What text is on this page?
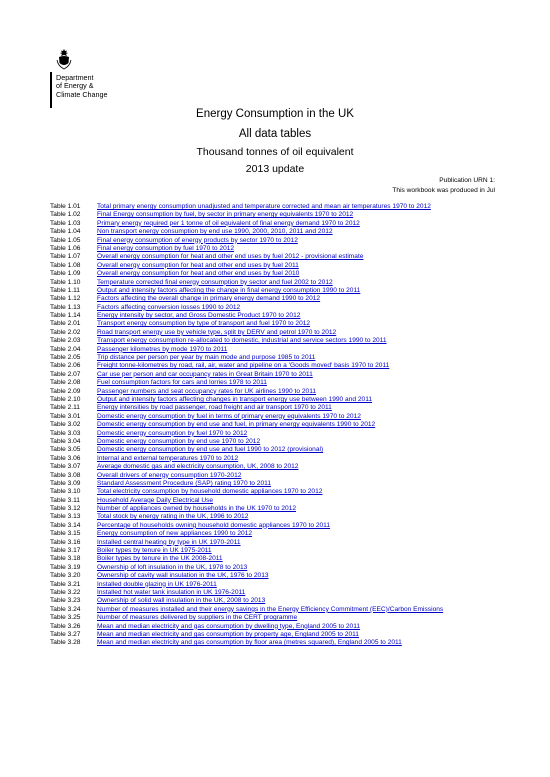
Department
of Energy &
Climate Change
Energy Consumption in the UK
All data tables
Thousand tonnes of oil equivalent
2013 update
Publication URN 1:
This workbook was produced in Jul
Table 1.01	Total primary energy consumption unadjusted and temperature corrected and mean air temperatures 1970 to 2012
Table 1.02	Final Energy consumption by fuel, by sector in primary energy equivalents 1970 to 2012
Table 1.03	Primary energy required per 1 tonne of oil equivalent of final energy demand 1970 to 2012
Table 1.04	Non transport energy consumption by end use 1990, 2000, 2010, 2011 and 2012
Table 1.05	Final energy consumption of energy products by sector 1970 to 2012
Table 1.06	Final energy consumption by fuel 1970 to 2012
Table 1.07	Overall energy consumption for heat and other end uses by fuel 2012 - provisional estimate
Table 1.08	Overall energy consumption for heat and other end uses by fuel 2011
Table 1.09	Overall energy consumption for heat and other end uses by fuel 2010
Table 1.10	Temperature corrected final energy consumption by sector and fuel 2002 to 2012
Table 1.11	Output and intensity factors affecting the change in final energy consumption 1990 to 2011
Table 1.12	Factors affecting the overall change in primary energy demand 1990 to 2012
Table 1.13	Factors affecting conversion losses 1990 to 2012
Table 1.14	Energy intensity by sector, and Gross Domestic Product 1970 to 2012
Table 2.01	Transport energy consumption by type of transport and fuel 1970 to 2012
Table 2.02	Road transport energy use by vehicle type, split by DERV and petrol 1970 to 2012
Table 2.03	Transport energy consumption re-allocated to domestic, industrial and service sectors 1990 to 2011
Table 2.04	Passenger kilometres by mode 1970 to 2011
Table 2.05	Trip distance per person per year by main mode and purpose 1985 to 2011
Table 2.06	Freight tonne-kilometres by road, rail, air, water and pipeline on a 'Goods moved' basis 1970 to 2011
Table 2.07	Car use per person and car occupancy rates in Great Britain 1970 to 2011
Table 2.08	Fuel consumption factors for cars and lorries 1978 to 2011
Table 2.09	Passenger numbers and seat occupancy rates for UK airlines 1990 to 2011
Table 2.10	Output and intensity factors affecting changes in transport energy use between 1990 and 2011
Table 2.11	Energy intensities by road passenger, road freight and air transport 1970 to 2011
Table 3.01	Domestic energy consumption by fuel in terms of primary energy equivalents 1970 to 2012
Table 3.02	Domestic energy consumption by end use and fuel, in primary energy equivalents 1990 to 2012
Table 3.03	Domestic energy consumption by fuel 1970 to 2012
Table 3.04	Domestic energy consumption by end use 1970 to 2012
Table 3.05	Domestic energy consumption by end use and fuel 1990 to 2012 (provisional)
Table 3.06	Internal and external temperatures 1970 to 2012
Table 3.07	Average domestic gas and electricity consumption, UK, 2008 to 2012
Table 3.08	Overall drivers of energy consumption 1970-2012
Table 3.09	Standard Assessment Procedure (SAP) rating 1970 to 2011
Table 3.10	Total electricity consumption by household domestic appliances 1970 to 2012
Table 3.11	Household Average Daily Electrical Use
Table 3.12	Number of appliances owned by households in the UK 1970 to 2012
Table 3.13	Total stock by energy rating in the UK, 1996 to 2012
Table 3.14	Percentage of households owning household domestic appliances 1970 to 2011
Table 3.15	Energy consumption of new appliances 1990 to 2012
Table 3.16	Installed central heating by type in UK 1970-2011
Table 3.17	Boiler types by tenure in UK 1975-2011
Table 3.18	Boiler types by tenure in the UK 2008-2011
Table 3.19	Ownership of loft insulation in the UK, 1978 to 2013
Table 3.20	Ownership of cavity wall insulation in the UK, 1976 to 2013
Table 3.21	Installed double glazing in UK 1976-2011
Table 3.22	Installed hot water tank insulation in UK 1976-2011
Table 3.23	Ownership of solid wall insulation in the UK, 2008 to 2013
Table 3.24	Number of measures installed and their energy savings in the Energy Efficiency Commitment (EEC)/Carbon Emissions
Table 3.25	Number of measures delivered by suppliers in the CERT programme
Table 3.26	Mean and median electricity and gas consumption by dwelling type, England 2005 to 2011
Table 3.27	Mean and median electricity and gas consumption by property age, England 2005 to 2011
Table 3.28	Mean and median electricity and gas consumption by floor area (metres squared), England 2005 to 2011
